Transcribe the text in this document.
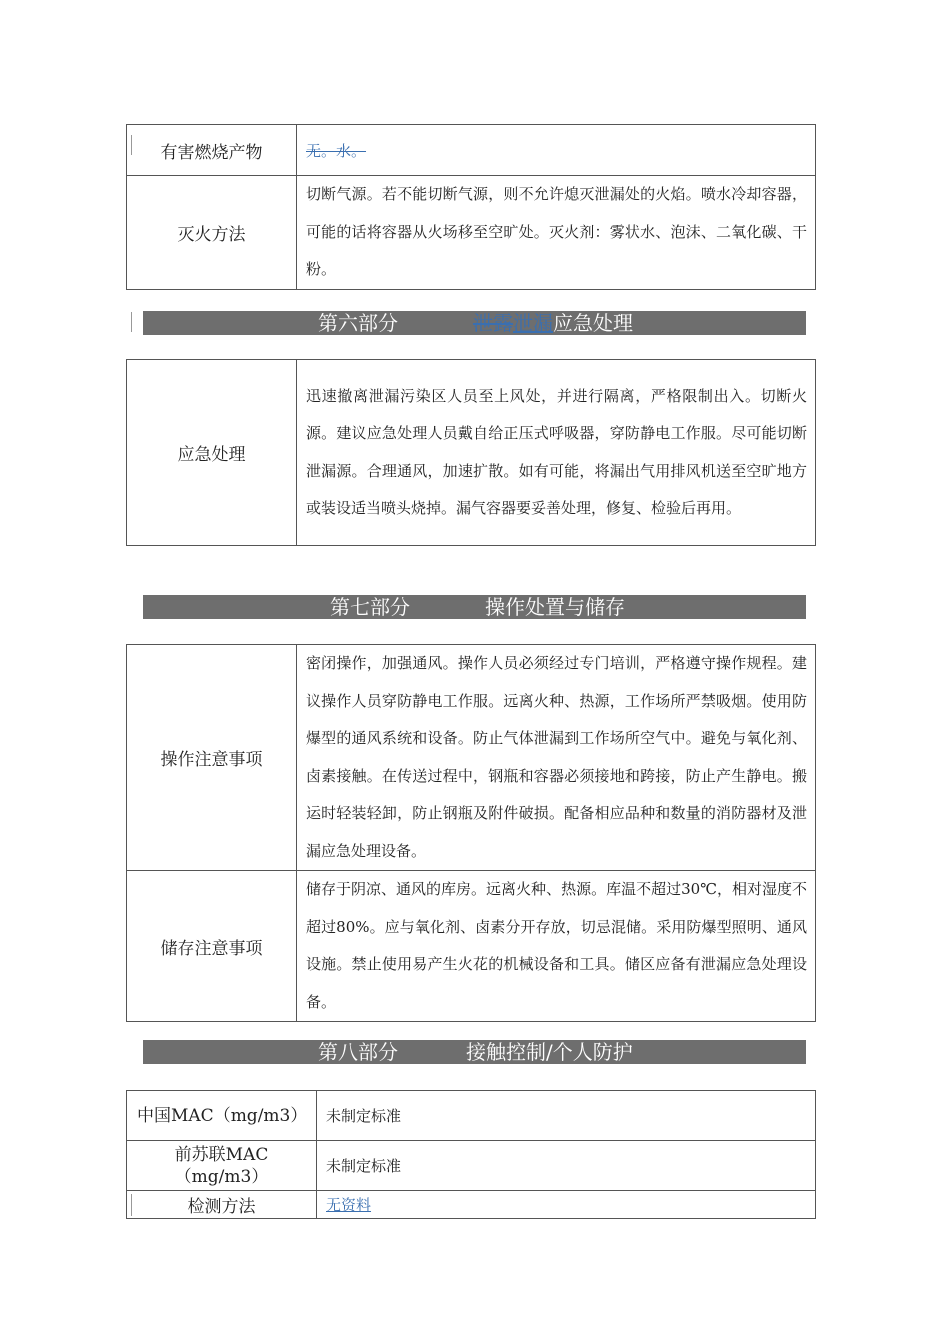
有害燃烧产物	无。水。
灭火方法	切断气源。若不能切断气源，则不允许熄灭泄漏处的火焰。喷水冷却容器，可能的话将容器从火场移至空旷处。灭火剂：雾状水、泡沫、二氧化碳、干粉。
第六部分	泄露泄漏应急处理
应急处理	迅速撤离泄漏污染区人员至上风处，并进行隔离，严格限制出入。切断火源。建议应急处理人员戴自给正压式呼吸器，穿防静电工作服。尽可能切断泄漏源。合理通风，加速扩散。如有可能，将漏出气用排风机送至空旷地方或装设适当喷头烧掉。漏气容器要妥善处理，修复、检验后再用。
第七部分	操作处置与储存
操作注意事项	密闭操作，加强通风。操作人员必须经过专门培训，严格遵守操作规程。建议操作人员穿防静电工作服。远离火种、热源，工作场所严禁吸烟。使用防爆型的通风系统和设备。防止气体泄漏到工作场所空气中。避免与氧化剂、卤素接触。在传送过程中，钢瓶和容器必须接地和跨接，防止产生静电。搬运时轻装轻卸，防止钢瓶及附件破损。配备相应品种和数量的消防器材及泄漏应急处理设备。
储存注意事项	储存于阴凉、通风的库房。远离火种、热源。库温不超过30℃，相对湿度不超过80%。应与氧化剂、卤素分开存放，切忌混储。采用防爆型照明、通风设施。禁止使用易产生火花的机械设备和工具。储区应备有泄漏应急处理设备。
第八部分	接触控制/个人防护
中国MAC（mg/m3）	未制定标准
前苏联MAC（mg/m3）	未制定标准
检测方法	无资料
